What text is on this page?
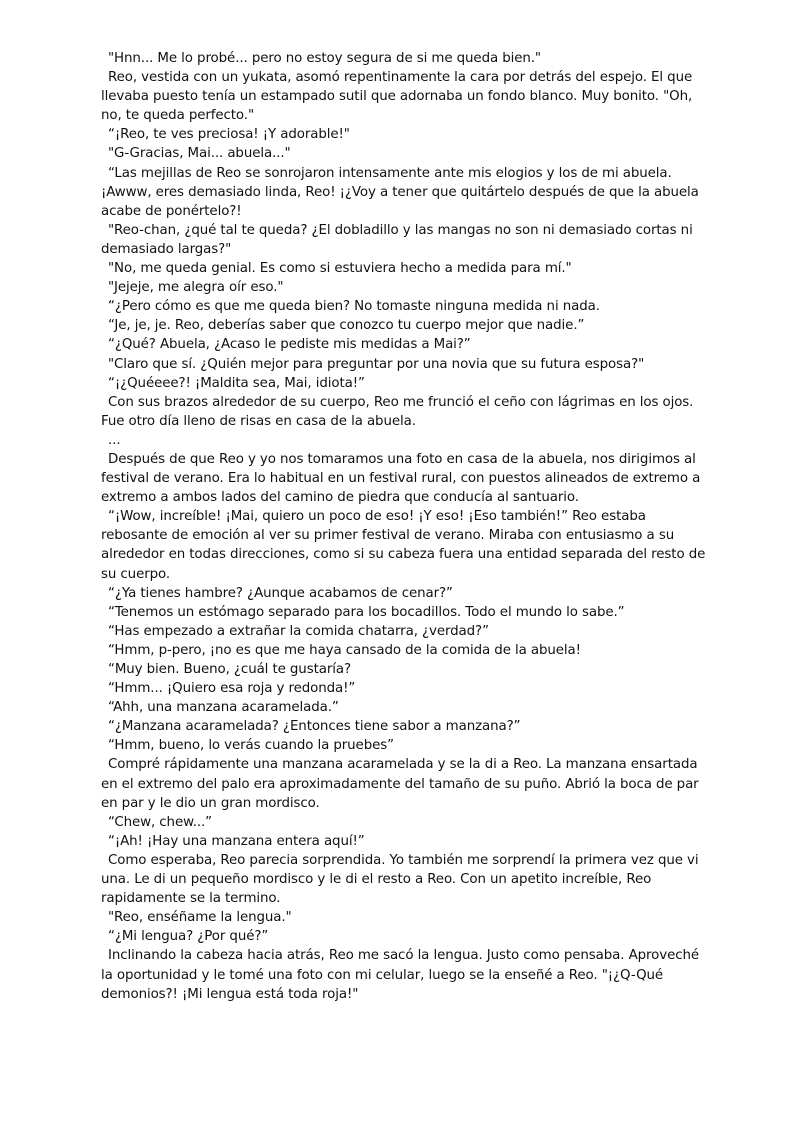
"Hnn... Me lo probé... pero no estoy segura de si me queda bien."

Reo, vestida con un yukata, asomó repentinamente la cara por detrás del espejo. El que llevaba puesto tenía un estampado sutil que adornaba un fondo blanco. Muy bonito. "Oh, no, te queda perfecto."

“¡Reo, te ves preciosa! ¡Y adorable!"

"G-Gracias, Mai... abuela..."

“Las mejillas de Reo se sonrojaron intensamente ante mis elogios y los de mi abuela. ¡Awww, eres demasiado linda, Reo! ¡¿Voy a tener que quitártelo después de que la abuela acabe de ponértelo?!

"Reo-chan, ¿qué tal te queda? ¿El dobladillo y las mangas no son ni demasiado cortas ni demasiado largas?"

"No, me queda genial. Es como si estuviera hecho a medida para mí."

"Jejeje, me alegra oír eso."

“¿Pero cómo es que me queda bien? No tomaste ninguna medida ni nada.

“Je, je, je. Reo, deberías saber que conozco tu cuerpo mejor que nadie.”

“¿Qué? Abuela, ¿Acaso le pediste mis medidas a Mai?”

"Claro que sí. ¿Quién mejor para preguntar por una novia que su futura esposa?"

“¡¿Quéeee?! ¡Maldita sea, Mai, idiota!”

Con sus brazos alrededor de su cuerpo, Reo me frunció el ceño con lágrimas en los ojos. Fue otro día lleno de risas en casa de la abuela.

...

Después de que Reo y yo nos tomaramos una foto en casa de la abuela, nos dirigimos al festival de verano. Era lo habitual en un festival rural, con puestos alineados de extremo a extremo a ambos lados del camino de piedra que conducía al santuario.

“¡Wow, increíble! ¡Mai, quiero un poco de eso! ¡Y eso! ¡Eso también!” Reo estaba rebosante de emoción al ver su primer festival de verano. Miraba con entusiasmo a su alrededor en todas direcciones, como si su cabeza fuera una entidad separada del resto de su cuerpo.

“¿Ya tienes hambre? ¿Aunque acabamos de cenar?”

“Tenemos un estómago separado para los bocadillos. Todo el mundo lo sabe.”

“Has empezado a extrañar la comida chatarra, ¿verdad?”

“Hmm, p-pero, ¡no es que me haya cansado de la comida de la abuela!

“Muy bien. Bueno, ¿cuál te gustaría?

“Hmm... ¡Quiero esa roja y redonda!”

“Ahh, una manzana acaramelada.”

“¿Manzana acaramelada? ¿Entonces tiene sabor a manzana?”

“Hmm, bueno, lo verás cuando la pruebes”

Compré rápidamente una manzana acaramelada y se la di a Reo. La manzana ensartada en el extremo del palo era aproximadamente del tamaño de su puño. Abrió la boca de par en par y le dio un gran mordisco.

“Chew, chew...”

“¡Ah! ¡Hay una manzana entera aquí!”

Como esperaba, Reo parecia sorprendida. Yo también me sorprendí la primera vez que vi una. Le di un pequeño mordisco y le di el resto a Reo. Con un apetito increíble, Reo rapidamente se la termino.

"Reo, enséñame la lengua."

“¿Mi lengua? ¿Por qué?”

Inclinando la cabeza hacia atrás, Reo me sacó la lengua. Justo como pensaba. Aproveché la oportunidad y le tomé una foto con mi celular, luego se la enseñé a Reo. "¡¿Q-Qué demonios?! ¡Mi lengua está toda roja!"
